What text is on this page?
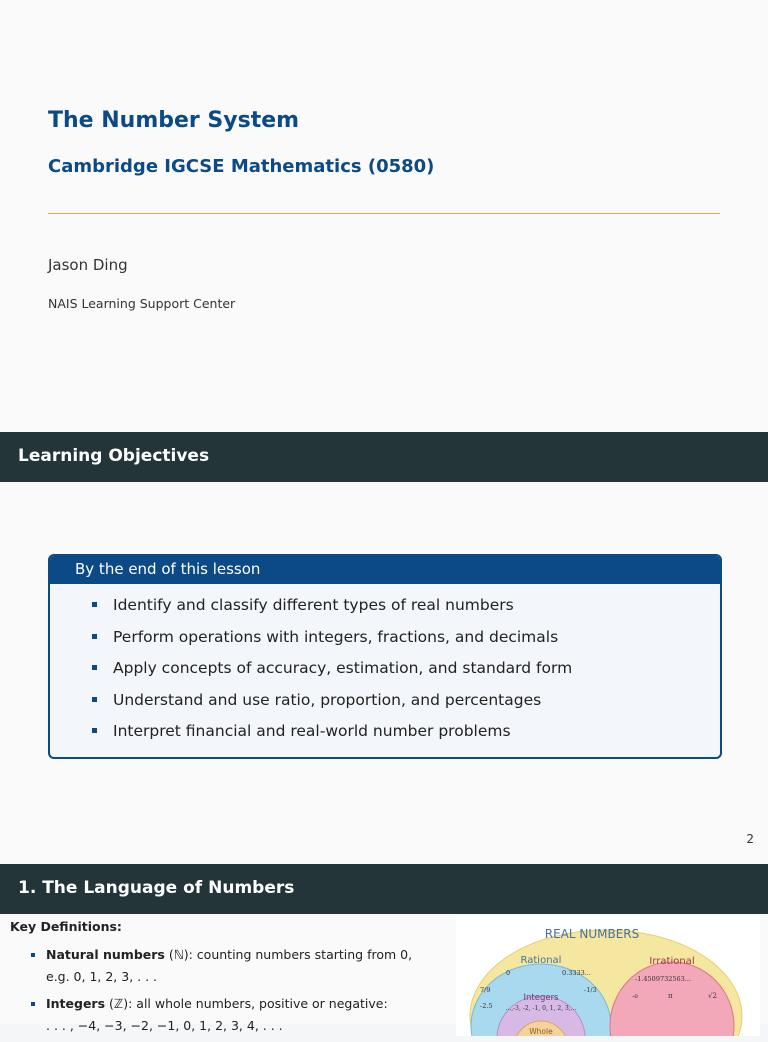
The Number System
Cambridge IGCSE Mathematics (0580)
Jason Ding
NAIS Learning Support Center
Learning Objectives
By the end of this lesson
Identify and classify different types of real numbers
Perform operations with integers, fractions, and decimals
Apply concepts of accuracy, estimation, and standard form
Understand and use ratio, proportion, and percentages
Interpret financial and real-world number problems
2
1. The Language of Numbers
Key Definitions:
Natural numbers (ℕ): counting numbers starting from 0,
e.g. 0, 1, 2, 3, . . .
Integers (ℤ): all whole numbers, positive or negative:
. . . , −4, −3, −2, −1, 0, 1, 2, 3, 4, . . .
REAL NUMBERS
Rational	Irrational
Integers
Whole
0	0.3333...
7/9	-1/3
-2.5 ...,-3, -2, -1, 0, 1, 2, 3,...
-1.4509732563...
-e	π	√2
